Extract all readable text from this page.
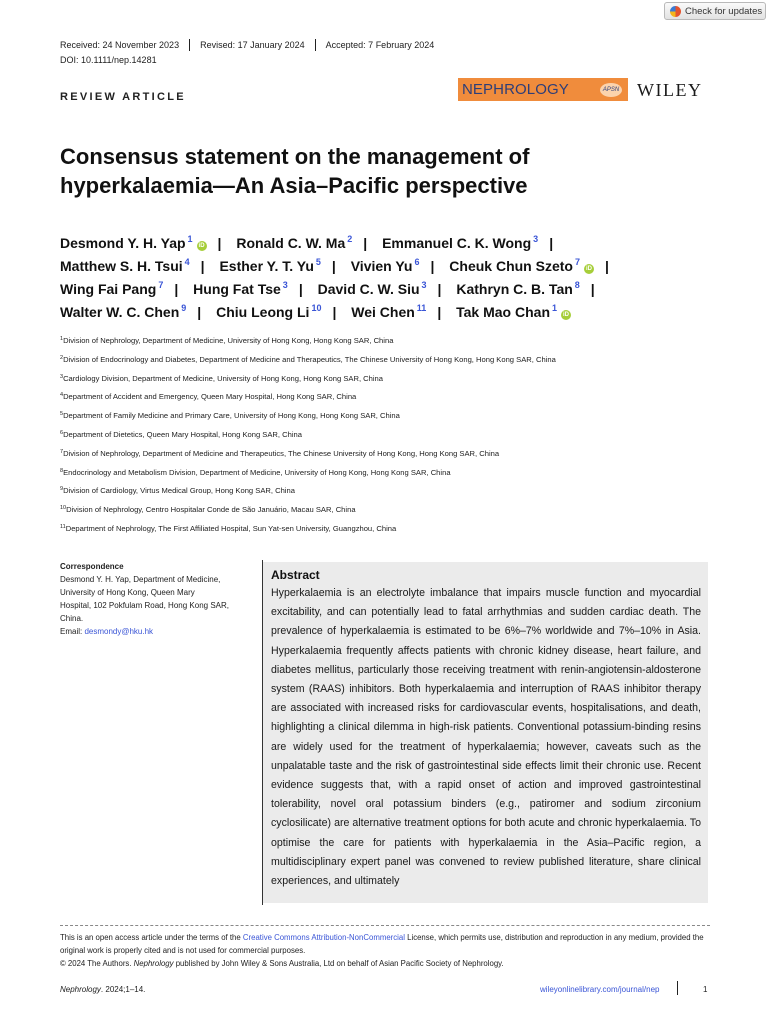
Check for updates
Received: 24 November 2023 Revised: 17 January 2024 Accepted: 7 February 2024
DOI: 10.1111/nep.14281
REVIEW ARTICLE	NEPHROLOGY	APSN WILEY
Consensus statement on the management of
hyperkalaemia—An Asia–Pacific perspective
Desmond Y. H. Yap $^1$iD | Ronald C. W. Ma $^2$ | Emmanuel C. K. Wong $^3$ |
Matthew S. H. Tsui $^4$ | Esther Y. T. Yu $^5$ | Vivien Yu $^6$ | Cheuk Chun Szeto $^7$iD |
Wing Fai Pang $^7$ | Hung Fat Tse $^3$ | David C. W. Siu $^3$ | Kathryn C. B. Tan $^8$ |
Walter W. C. Chen $^9$ | Chiu Leong Li $^{10}$ | Wei Chen $^{11}$ | Tak Mao Chan $^1$iD
$^1$Division of Nephrology, Department of Medicine, University of Hong Kong, Hong Kong SAR, China
$^2$Division of Endocrinology and Diabetes, Department of Medicine and Therapeutics, The Chinese University of Hong Kong, Hong Kong SAR, China
$^3$Cardiology Division, Department of Medicine, University of Hong Kong, Hong Kong SAR, China
$^4$Department of Accident and Emergency, Queen Mary Hospital, Hong Kong SAR, China
$^5$Department of Family Medicine and Primary Care, University of Hong Kong, Hong Kong SAR, China
$^6$Department of Dietetics, Queen Mary Hospital, Hong Kong SAR, China
$^7$Division of Nephrology, Department of Medicine and Therapeutics, The Chinese University of Hong Kong, Hong Kong SAR, China
$^8$Endocrinology and Metabolism Division, Department of Medicine, University of Hong Kong, Hong Kong SAR, China
$^9$Division of Cardiology, Virtus Medical Group, Hong Kong SAR, China
$^{10}$Division of Nephrology, Centro Hospitalar Conde de São Januário, Macau SAR, China
$^{11}$Department of Nephrology, The First Affiliated Hospital, Sun Yat-sen University, Guangzhou, China
Correspondence
Desmond Y. H. Yap, Department of Medicine,
University of Hong Kong, Queen Mary
Hospital, 102 Pokfulam Road, Hong Kong SAR,
China.
Email: desmondy@hku.hk
Abstract
Hyperkalaemia is an electrolyte imbalance that impairs muscle function and myocardial excitability, and can potentially lead to fatal arrhythmias and sudden cardiac death. The prevalence of hyperkalaemia is estimated to be 6%–7% worldwide and 7%–10% in Asia. Hyperkalaemia frequently affects patients with chronic kidney disease, heart failure, and diabetes mellitus, particularly those receiving treatment with renin-angiotensin-aldosterone system (RAAS) inhibitors. Both hyperkalaemia and interruption of RAAS inhibitor therapy are associated with increased risks for cardiovascular events, hospitalisations, and death, highlighting a clinical dilemma in high-risk patients. Conventional potassium-binding resins are widely used for the treatment of hyperkalaemia; however, caveats such as the unpalatable taste and the risk of gastrointestinal side effects limit their chronic use. Recent evidence suggests that, with a rapid onset of action and improved gastrointestinal tolerability, novel oral potassium binders (e.g., patiromer and sodium zirconium cyclosilicate) are alternative treatment options for both acute and chronic hyperkalaemia. To optimise the care for patients with hyperkalaemia in the Asia–Pacific region, a multidisciplinary expert panel was convened to review published literature, share clinical experiences, and ultimately
This is an open access article under the terms of the Creative Commons Attribution-NonCommercial License, which permits use, distribution and reproduction in any medium, provided the original work is properly cited and is not used for commercial purposes.
© 2024 The Authors. Nephrology published by John Wiley & Sons Australia, Ltd on behalf of Asian Pacific Society of Nephrology.
Nephrology. 2024;1–14.	wileyonlinelibrary.com/journal/nep	1
